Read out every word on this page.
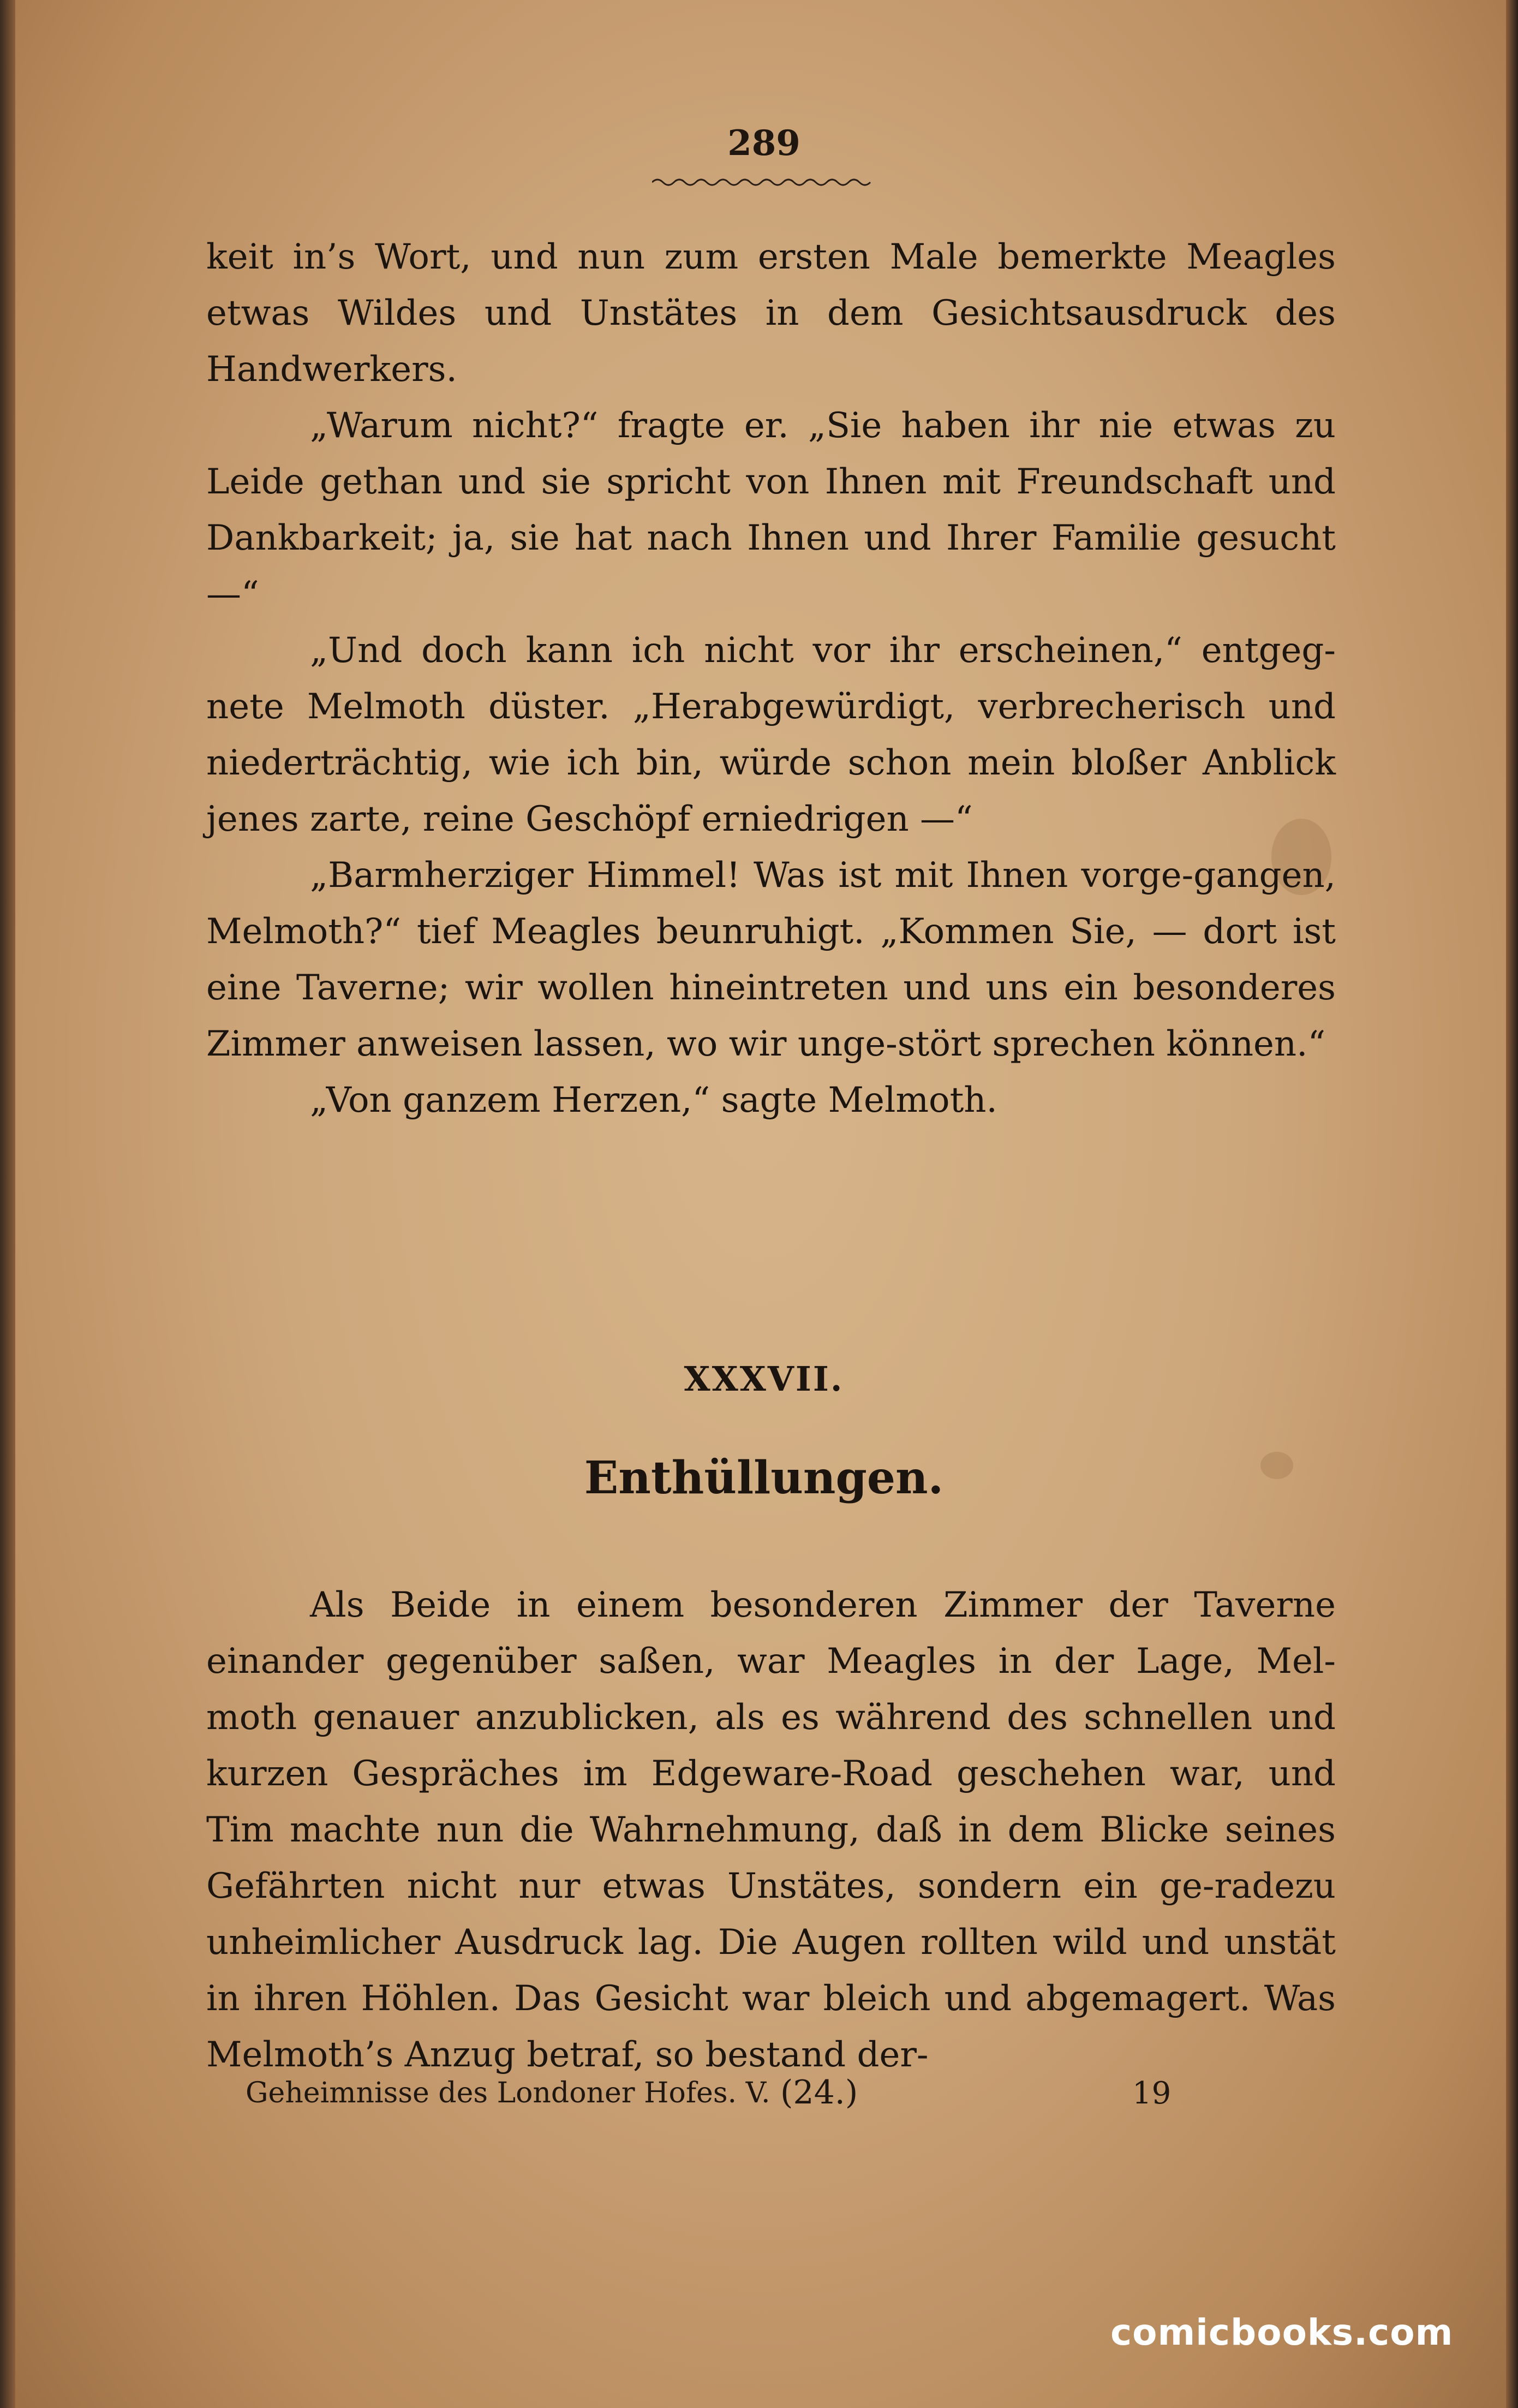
289

keit in’s Wort, und nun zum ersten Male bemerkte Meagles etwas Wildes und Unstätes in dem Gesichtsausdruck des Handwerkers.

„Warum nicht?“ fragte er. „Sie haben ihr nie etwas zu Leide gethan und sie spricht von Ihnen mit Freundschaft und Dankbarkeit; ja, sie hat nach Ihnen und Ihrer Familie gesucht —“

„Und doch kann ich nicht vor ihr erscheinen,“ entgeg‐nete Melmoth düster. „Herabgewürdigt, verbrecherisch und niederträchtig, wie ich bin, würde schon mein bloßer Anblick jenes zarte, reine Geschöpf erniedrigen —“

„Barmherziger Himmel! Was ist mit Ihnen vorge‐gangen, Melmoth?“ tief Meagles beunruhigt. „Kommen Sie, — dort ist eine Taverne; wir wollen hineintreten und uns ein besonderes Zimmer anweisen lassen, wo wir unge‐stört sprechen können.“

„Von ganzem Herzen,“ sagte Melmoth.

XXXVII.
Enthüllungen.

Als Beide in einem besonderen Zimmer der Taverne einander gegenüber saßen, war Meagles in der Lage, Mel‐moth genauer anzublicken, als es während des schnellen und kurzen Gespräches im Edgeware‐Road geschehen war, und Tim machte nun die Wahrnehmung, daß in dem Blicke seines Gefährten nicht nur etwas Unstätes, sondern ein ge‐radezu unheimlicher Ausdruck lag. Die Augen rollten wild und unstät in ihren Höhlen. Das Gesicht war bleich und abgemagert. Was Melmoth’s Anzug betraf, so bestand der‐

Geheimnisse des Londoner Hofes. V. (24.)	19
comicbooks.com
